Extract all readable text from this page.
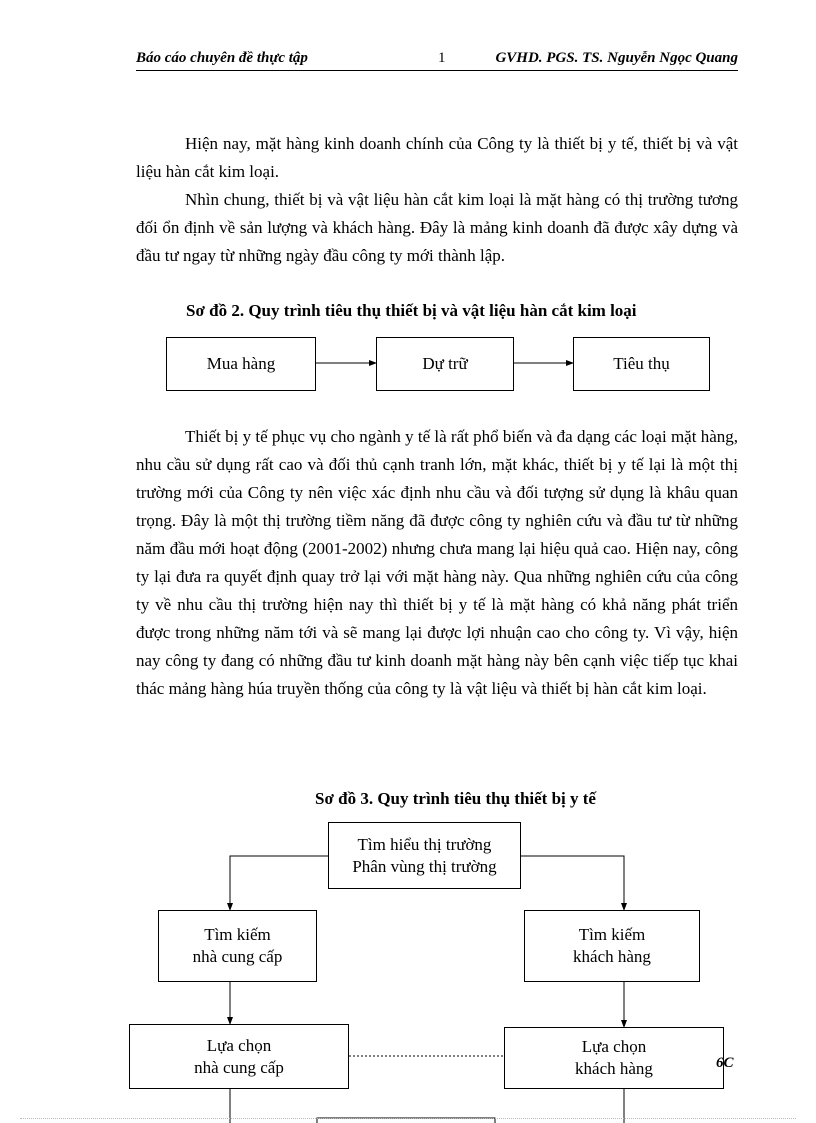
Báo cáo chuyên đề thực tập	1	GVHD. PGS. TS. Nguyễn Ngọc Quang

Hiện nay, mặt hàng kinh doanh chính của Công ty là thiết bị y tế, thiết bị và vật liệu hàn cắt kim loại.

Nhìn chung, thiết bị và vật liệu hàn cắt kim loại là mặt hàng có thị trường tương đối ổn định về sản lượng và khách hàng. Đây là mảng kinh doanh đã được xây dựng và đầu tư ngay từ những ngày đầu công ty mới thành lập.

Sơ đồ 2. Quy trình tiêu thụ thiết bị và vật liệu hàn cắt kim loại
Mua hàng	Dự trữ	Tiêu thụ

Thiết bị y tế phục vụ cho ngành y tế là rất phổ biến và đa dạng các loại mặt hàng, nhu cầu sử dụng rất cao và đối thủ cạnh tranh lớn, mặt khác, thiết bị y tế lại là một thị trường mới của Công ty nên việc xác định nhu cầu và đối tượng sử dụng là khâu quan trọng. Đây là một thị trường tiềm năng đã được công ty nghiên cứu và đầu tư từ những năm đầu mới hoạt động (2001-2002) nhưng chưa mang lại hiệu quả cao. Hiện nay, công ty lại đưa ra quyết định quay trở lại với mặt hàng này. Qua những nghiên cứu của công ty về nhu cầu thị trường hiện nay thì thiết bị y tế là mặt hàng có khả năng phát triển được trong những năm tới và sẽ mang lại được lợi nhuận cao cho công ty. Vì vậy, hiện nay công ty đang có những đầu tư kinh doanh mặt hàng này bên cạnh việc tiếp tục khai thác mảng hàng húa truyền thống của công ty là vật liệu và thiết bị hàn cắt kim loại.

Sơ đồ 3. Quy trình tiêu thụ thiết bị y tế
Tìm hiểu thị trường
Phân vùng thị trường
Tìm kiếm
nhà cung cấp
Tìm kiếm
khách hàng
Lựa chọn
nhà cung cấp
Lựa chọn
khách hàng	6C
